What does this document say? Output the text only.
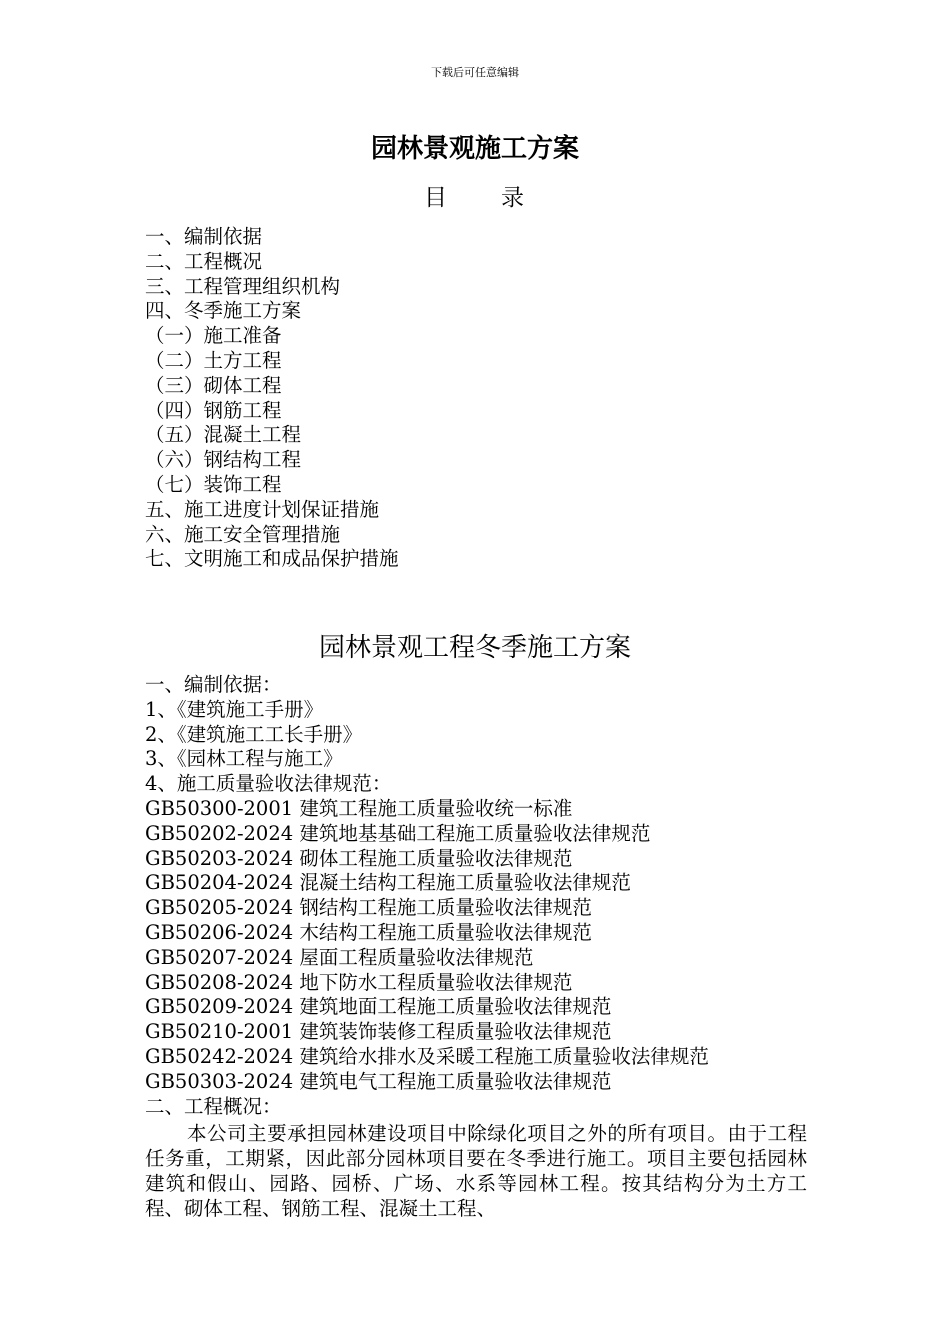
下载后可任意编辑
园林景观施工方案
目 录
一、编制依据
二、工程概况
三、工程管理组织机构
四、冬季施工方案
（一）施工准备
（二）土方工程
（三）砌体工程
（四）钢筋工程
（五）混凝土工程
（六）钢结构工程
（七）装饰工程
五、施工进度计划保证措施
六、施工安全管理措施
七、文明施工和成品保护措施
园林景观工程冬季施工方案
一、编制依据：
1、《建筑施工手册》
2、《建筑施工工长手册》
3、《园林工程与施工》
4、施工质量验收法律规范：
GB50300-2001 建筑工程施工质量验收统一标准
GB50202-2024 建筑地基基础工程施工质量验收法律规范
GB50203-2024 砌体工程施工质量验收法律规范
GB50204-2024 混凝土结构工程施工质量验收法律规范
GB50205-2024 钢结构工程施工质量验收法律规范
GB50206-2024 木结构工程施工质量验收法律规范
GB50207-2024 屋面工程质量验收法律规范
GB50208-2024 地下防水工程质量验收法律规范
GB50209-2024 建筑地面工程施工质量验收法律规范
GB50210-2001 建筑装饰装修工程质量验收法律规范
GB50242-2024 建筑给水排水及采暖工程施工质量验收法律规范
GB50303-2024 建筑电气工程施工质量验收法律规范
二、工程概况：

本公司主要承担园林建设项目中除绿化项目之外的所有项目。由于工程任务重，工期紧，因此部分园林项目要在冬季进行施工。项目主要包括园林建筑和假山、园路、园桥、广场、水系等园林工程。按其结构分为土方工程、砌体工程、钢筋工程、混凝土工程、
